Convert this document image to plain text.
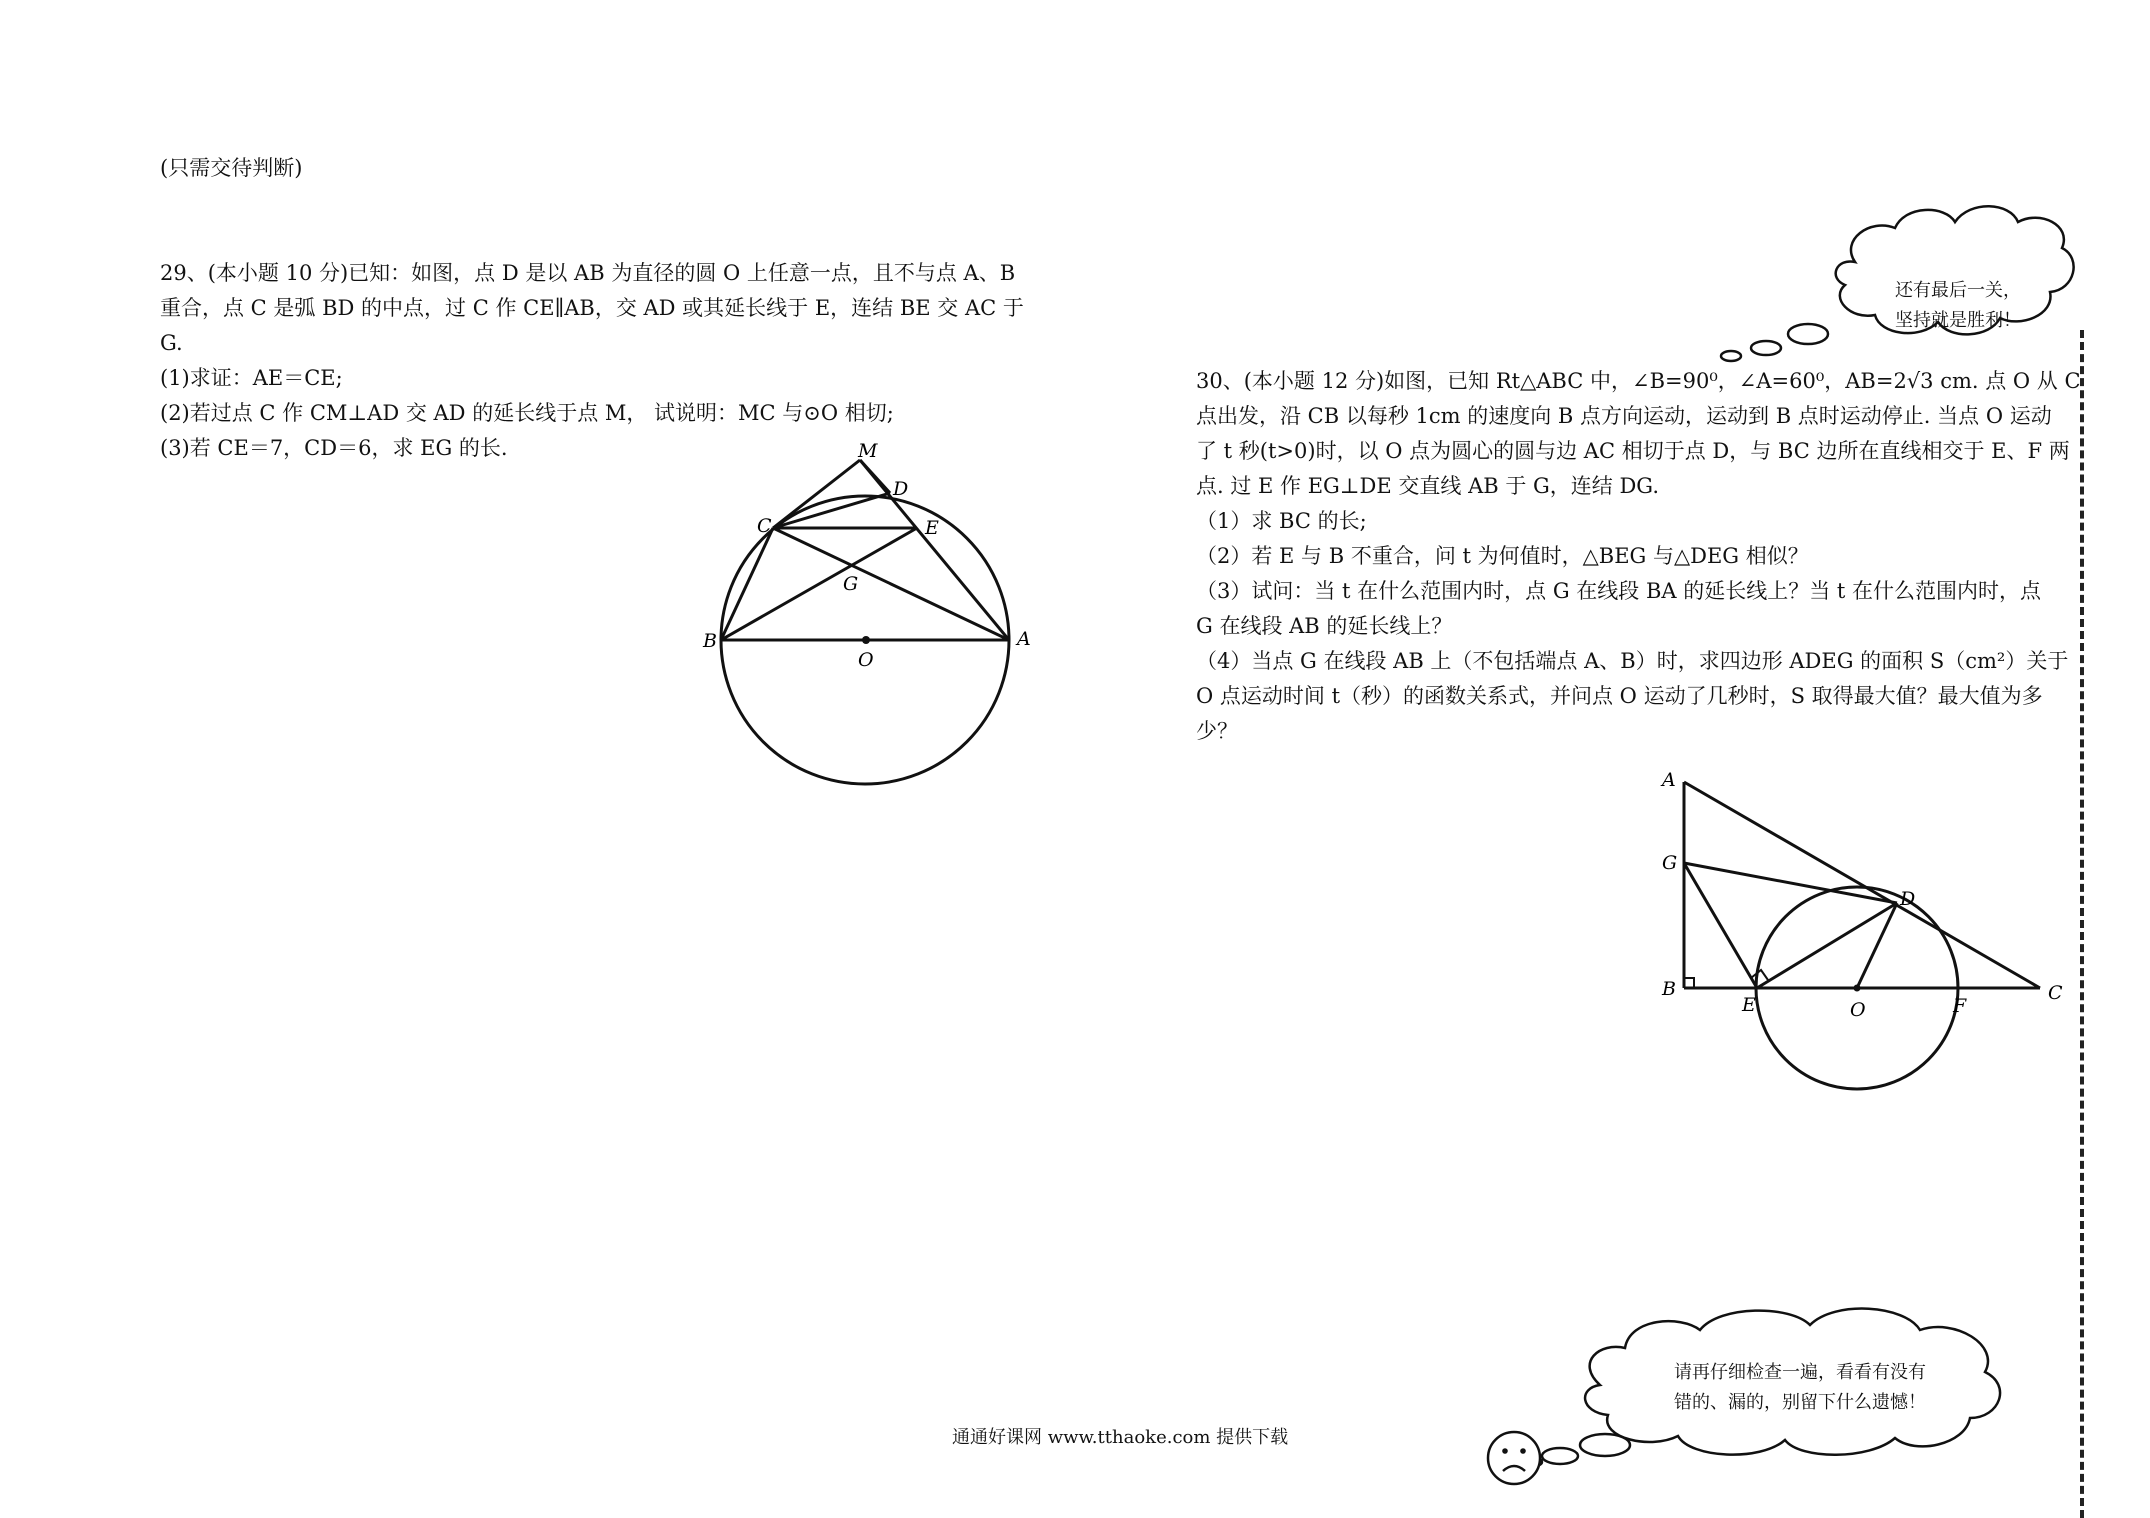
(只需交待判断)
29、(本小题 10 分)已知：如图，点 D 是以 AB 为直径的圆 O 上任意一点，且不与点 A、B
重合，点 C 是弧 BD 的中点，过 C 作 CE∥AB，交 AD 或其延长线于 E，连结 BE 交 AC 于
G.
(1)求证：AE＝CE;
(2)若过点 C 作 CM⊥AD 交 AD 的延长线于点 M， 试说明：MC 与⊙O 相切;
(3)若 CE＝7，CD＝6，求 EG 的长.	M
D
C	E
G
B
O
A
30、(本小题 12 分)如图，已知 Rt△ABC 中，∠B=90⁰，∠A=60⁰，AB=2√3 cm. 点 O 从 C
点出发，沿 CB 以每秒 1cm 的速度向 B 点方向运动，运动到 B 点时运动停止. 当点 O 运动
了 t 秒(t>0)时，以 O 点为圆心的圆与边 AC 相切于点 D，与 BC 边所在直线相交于 E、F 两
点. 过 E 作 EG⊥DE 交直线 AB 于 G，连结 DG.
（1）求 BC 的长;
（2）若 E 与 B 不重合，问 t 为何值时，△BEG 与△DEG 相似？
（3）试问：当 t 在什么范围内时，点 G 在线段 BA 的延长线上？当 t 在什么范围内时，点
G 在线段 AB 的延长线上？
（4）当点 G 在线段 AB 上（不包括端点 A、B）时，求四边形 ADEG 的面积 S（cm²）关于
O 点运动时间 t（秒）的函数关系式，并问点 O 运动了几秒时，S 取得最大值？最大值为多
少？
A
G
D
B
E	O	F
C
还有最后一关，
坚持就是胜利！
请再仔细检查一遍，看看有没有
错的、漏的，别留下什么遗憾！
通通好课网 www.tthaoke.com 提供下载
